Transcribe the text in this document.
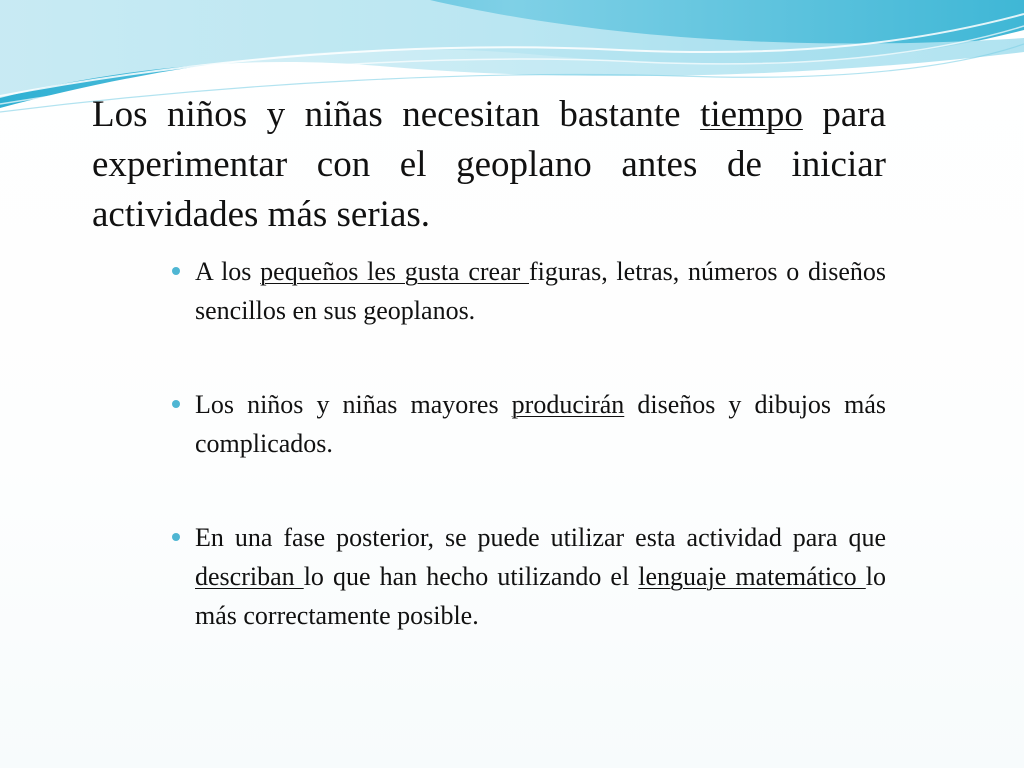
Los niños y niñas necesitan bastante tiempo para experimentar con el geoplano antes de iniciar actividades más serias.

A los pequeños les gusta crear figuras, letras, números o diseños sencillos en sus geoplanos.
Los niños y niñas mayores producirán diseños y dibujos más complicados.
En una fase posterior, se puede utilizar esta actividad para que describan lo que han hecho utilizando el lenguaje matemático lo más correctamente posible.
